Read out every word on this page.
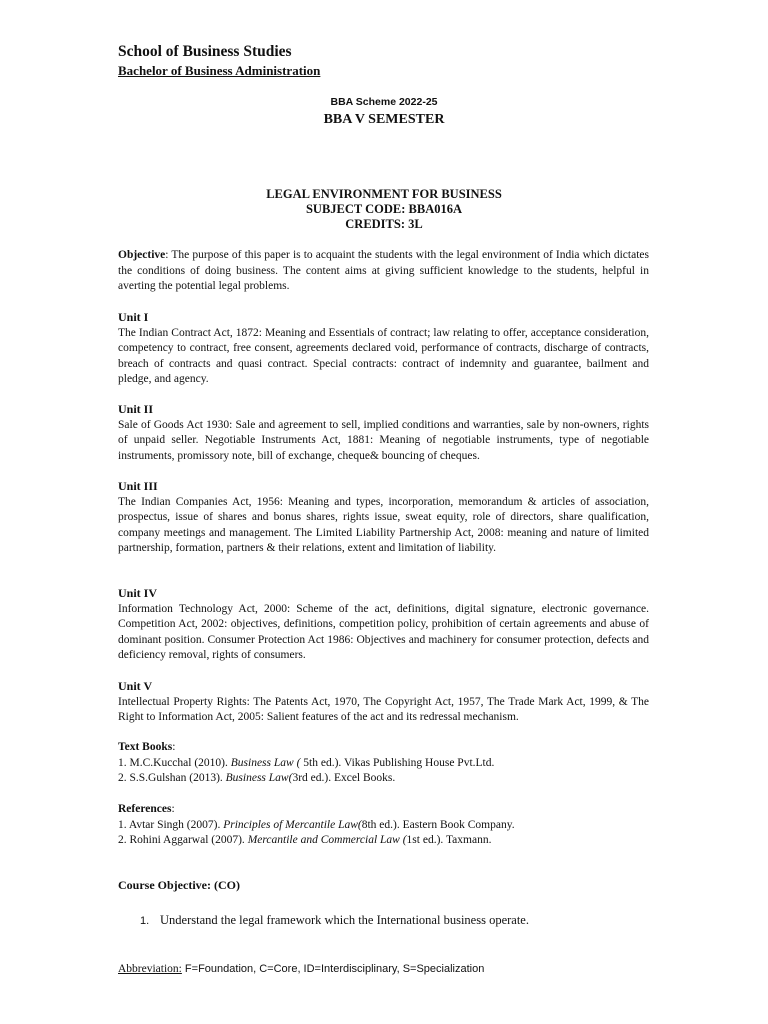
School of Business Studies
Bachelor of Business Administration
BBA Scheme 2022-25
BBA V SEMESTER
LEGAL ENVIRONMENT FOR BUSINESS
SUBJECT CODE: BBA016A
CREDITS: 3L
Objective: The purpose of this paper is to acquaint the students with the legal environment of India which dictates the conditions of doing business. The content aims at giving sufficient knowledge to the students, helpful in averting the potential legal problems.
Unit I
The Indian Contract Act, 1872: Meaning and Essentials of contract; law relating to offer, acceptance consideration, competency to contract, free consent, agreements declared void, performance of contracts, discharge of contracts, breach of contracts and quasi contract. Special contracts: contract of indemnity and guarantee, bailment and pledge, and agency.
Unit II
Sale of Goods Act 1930: Sale and agreement to sell, implied conditions and warranties, sale by non-owners, rights of unpaid seller. Negotiable Instruments Act, 1881: Meaning of negotiable instruments, type of negotiable instruments, promissory note, bill of exchange, cheque& bouncing of cheques.
Unit III
The Indian Companies Act, 1956: Meaning and types, incorporation, memorandum & articles of association, prospectus, issue of shares and bonus shares, rights issue, sweat equity, role of directors, share qualification, company meetings and management. The Limited Liability Partnership Act, 2008: meaning and nature of limited partnership, formation, partners & their relations, extent and limitation of liability.
Unit IV
Information Technology Act, 2000: Scheme of the act, definitions, digital signature, electronic governance. Competition Act, 2002: objectives, definitions, competition policy, prohibition of certain agreements and abuse of dominant position. Consumer Protection Act 1986: Objectives and machinery for consumer protection, defects and deficiency removal, rights of consumers.
Unit V
Intellectual Property Rights: The Patents Act, 1970, The Copyright Act, 1957, The Trade Mark Act, 1999, & The Right to Information Act, 2005: Salient features of the act and its redressal mechanism.
Text Books:
1. M.C.Kucchal (2010). Business Law ( 5th ed.). Vikas Publishing House Pvt.Ltd.
2. S.S.Gulshan (2013). Business Law(3rd ed.). Excel Books.
References:
1. Avtar Singh (2007). Principles of Mercantile Law(8th ed.). Eastern Book Company.
2. Rohini Aggarwal (2007). Mercantile and Commercial Law (1st ed.). Taxmann.
Course Objective: (CO)
1. Understand the legal framework which the International business operate.
Abbreviation: F=Foundation, C=Core, ID=Interdisciplinary, S=Specialization
